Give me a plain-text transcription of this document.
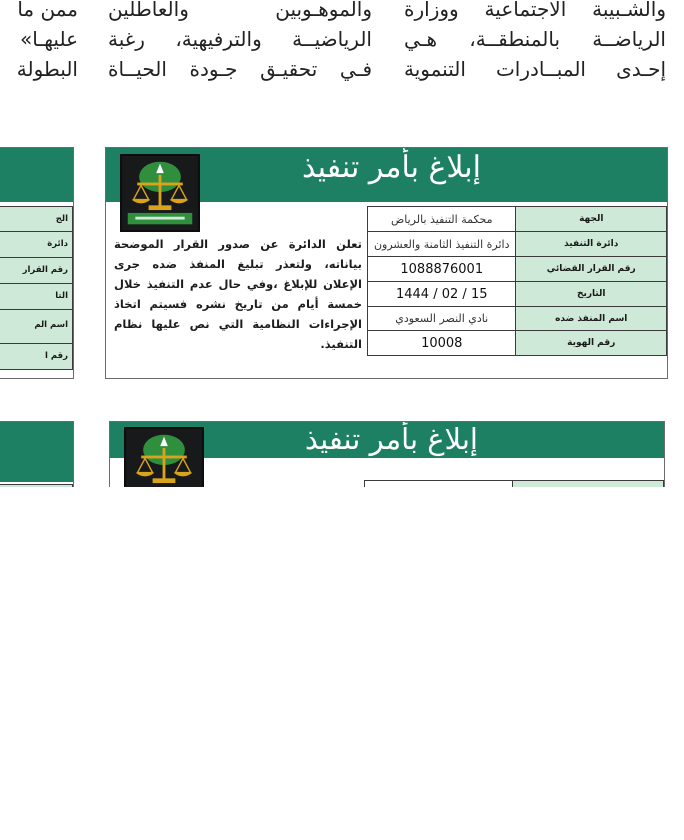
والشـبيبة الاجتماعية ووزارة
الرياضــة بالمنطقــة، هـي
إحـدى المبــادرات التنموية
والموهـوبين والعاطلين
الرياضيــة والترفيهية، رغبة
فـي تحقيـق جـودة الحيــاة
ممن ما
عليهـا»
البطولة
الج
دائرة
رقم القرار
التا
اسم الم
رقم ا
إبلاغ بأمر تنفيذ
محكمة التنفيذ بالرياض	الجهة
دائرة التنفيذ الثامنة والعشرون	دائرة التنفيذ
1088876001	رقم القرار القضائي
15 / 02 / 1444	التاريخ
نادي النصر السعودي	اسم المنفذ ضده
10008	رقم الهوية
تعلن الدائرة عن صدور القرار الموضحة بياناته، ولتعذر تبليغ المنفذ ضده جرى الإعلان للإبلاغ ،وفي حال عدم التنفيذ خلال خمسة أيام من تاريخ نشره فسيتم اتخاذ الإجراءات النظامية التي نص عليها نظام التنفيذ.
إبلاغ بأمر تنفيذ
